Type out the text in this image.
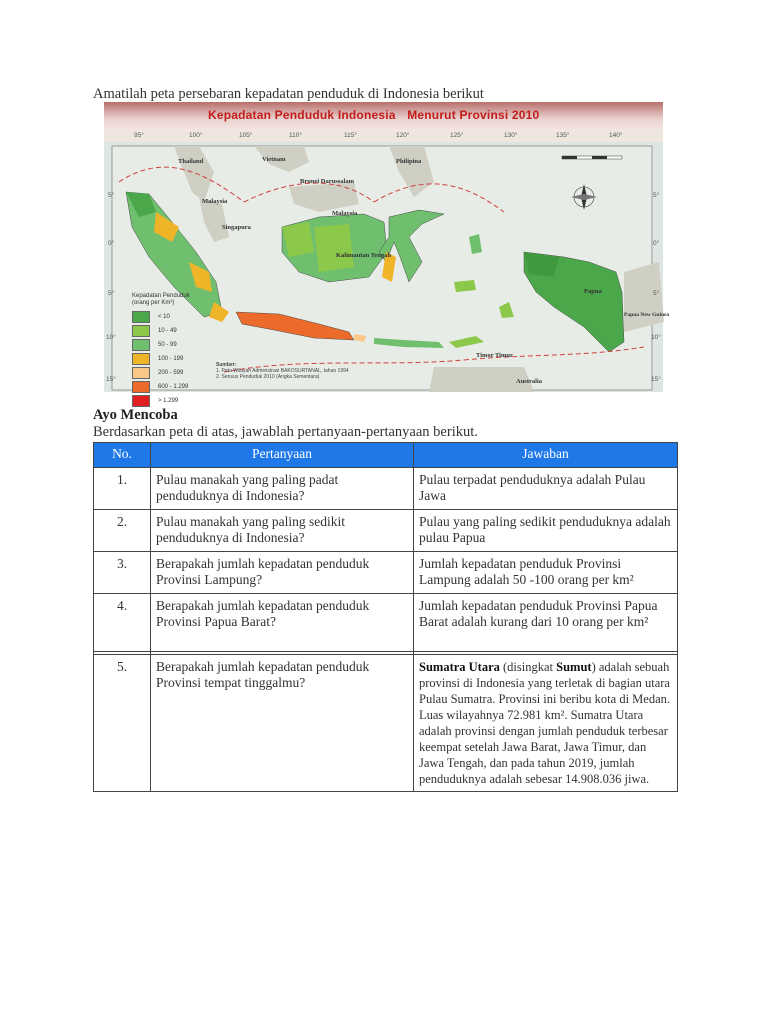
Amatilah peta persebaran kepadatan penduduk di Indonesia berikut
Kepadatan Penduduk Indonesia Menurut Provinsi 2010
95°	100°	105°	110°	115°	120°	125°	130°	135°	140°
5°
0°
5°
10°
15°
5°
0°
5°
10°
15°
Thailand	Vietnam	Philipina
Malaysia
Brunei Darussalam
Malaysia
Singapura
Kalimantan Tengah
Papua
Timor Timur
Australia
Papua New Guinea
Kepadatan Penduduk (orang per Km²)
< 10
10 - 49
50 - 99
100 - 199
200 - 599
600 - 1.299
> 1.299
Sumber:
1. Peta Wilayah Administrasi BAKOSURTANAL, tahun 1994
2. Sensus Penduduk 2010 (Angka Sementara)
Ayo Mencoba
Berdasarkan peta di atas, jawablah pertanyaan-pertanyaan berikut.
No.	Pertanyaan	Jawaban
1.	Pulau manakah yang paling padat penduduknya di Indonesia?	Pulau terpadat penduduknya adalah Pulau Jawa
2.	Pulau manakah yang paling sedikit penduduknya di Indonesia?	Pulau yang paling sedikit penduduknya adalah pulau Papua
3.	Berapakah jumlah kepadatan penduduk Provinsi Lampung?	Jumlah kepadatan penduduk Provinsi Lampung adalah 50 -100 orang per km²
4.	Berapakah jumlah kepadatan penduduk Provinsi Papua Barat?	Jumlah kepadatan penduduk Provinsi Papua Barat adalah kurang dari 10 orang per km²

5.	Berapakah jumlah kepadatan penduduk Provinsi tempat tinggalmu?	Sumatra Utara (disingkat Sumut) adalah sebuah provinsi di Indonesia yang terletak di bagian utara Pulau Sumatra. Provinsi ini beribu kota di Medan. Luas wilayahnya 72.981 km². Sumatra Utara adalah provinsi dengan jumlah penduduk terbesar keempat setelah Jawa Barat, Jawa Timur, dan Jawa Tengah, dan pada tahun 2019, jumlah penduduknya adalah sebesar 14.908.036 jiwa.
